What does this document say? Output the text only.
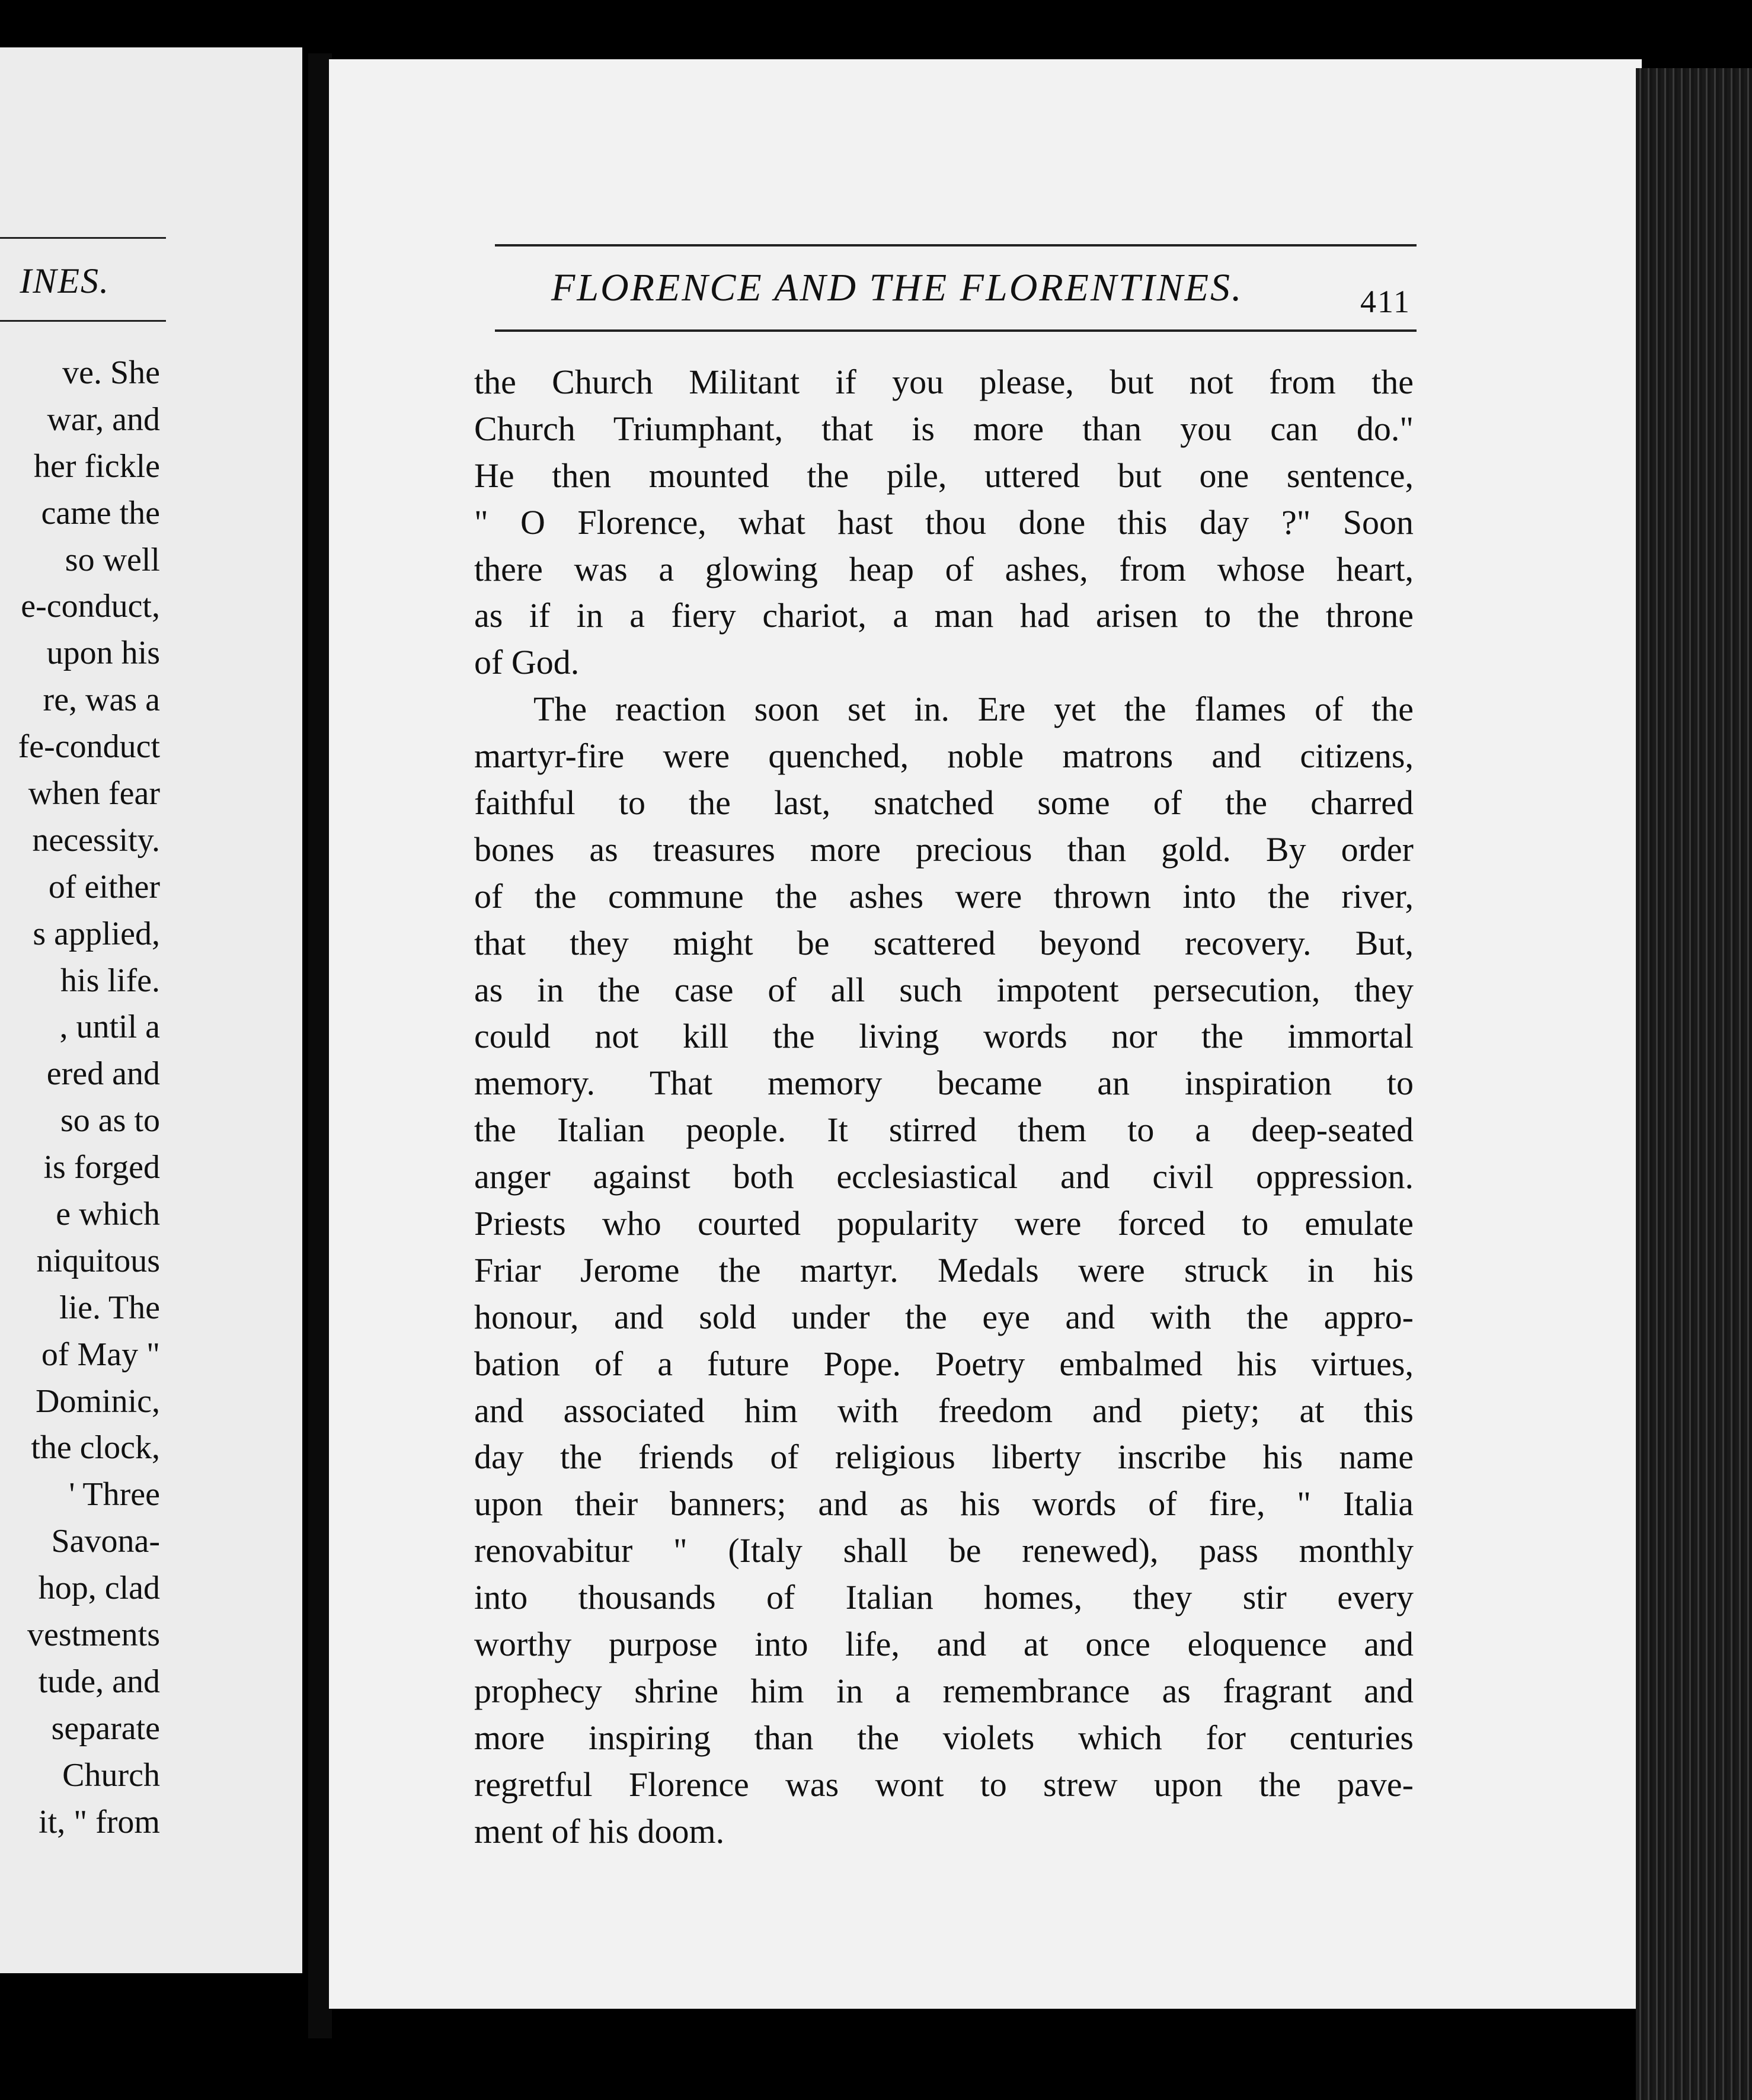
INES.
ve. She
war, and
her fickle
came the
so well
e-conduct,
upon his
re, was a
fe-conduct
when fear
necessity.
of either
s applied,
his life.
, until a
ered and
so as to
is forged
e which
niquitous
lie. The
of May "
Dominic,
the clock,
' Three
Savona-
hop, clad
vestments
tude, and
separate
Church
it, " from
FLORENCE AND THE FLORENTINES.	411
the Church Militant if you please, but not from the
Church Triumphant, that is more than you can do."
He then mounted the pile, uttered but one sentence,
" O Florence, what hast thou done this day ?" Soon
there was a glowing heap of ashes, from whose heart,
as if in a fiery chariot, a man had arisen to the throne
of God.
The reaction soon set in. Ere yet the flames of the
martyr-fire were quenched, noble matrons and citizens,
faithful to the last, snatched some of the charred
bones as treasures more precious than gold. By order
of the commune the ashes were thrown into the river,
that they might be scattered beyond recovery. But,
as in the case of all such impotent persecution, they
could not kill the living words nor the immortal
memory. That memory became an inspiration to
the Italian people. It stirred them to a deep-seated
anger against both ecclesiastical and civil oppression.
Priests who courted popularity were forced to emulate
Friar Jerome the martyr. Medals were struck in his
honour, and sold under the eye and with the appro-
bation of a future Pope. Poetry embalmed his virtues,
and associated him with freedom and piety; at this
day the friends of religious liberty inscribe his name
upon their banners; and as his words of fire, " Italia
renovabitur " (Italy shall be renewed), pass monthly
into thousands of Italian homes, they stir every
worthy purpose into life, and at once eloquence and
prophecy shrine him in a remembrance as fragrant and
more inspiring than the violets which for centuries
regretful Florence was wont to strew upon the pave-
ment of his doom.
